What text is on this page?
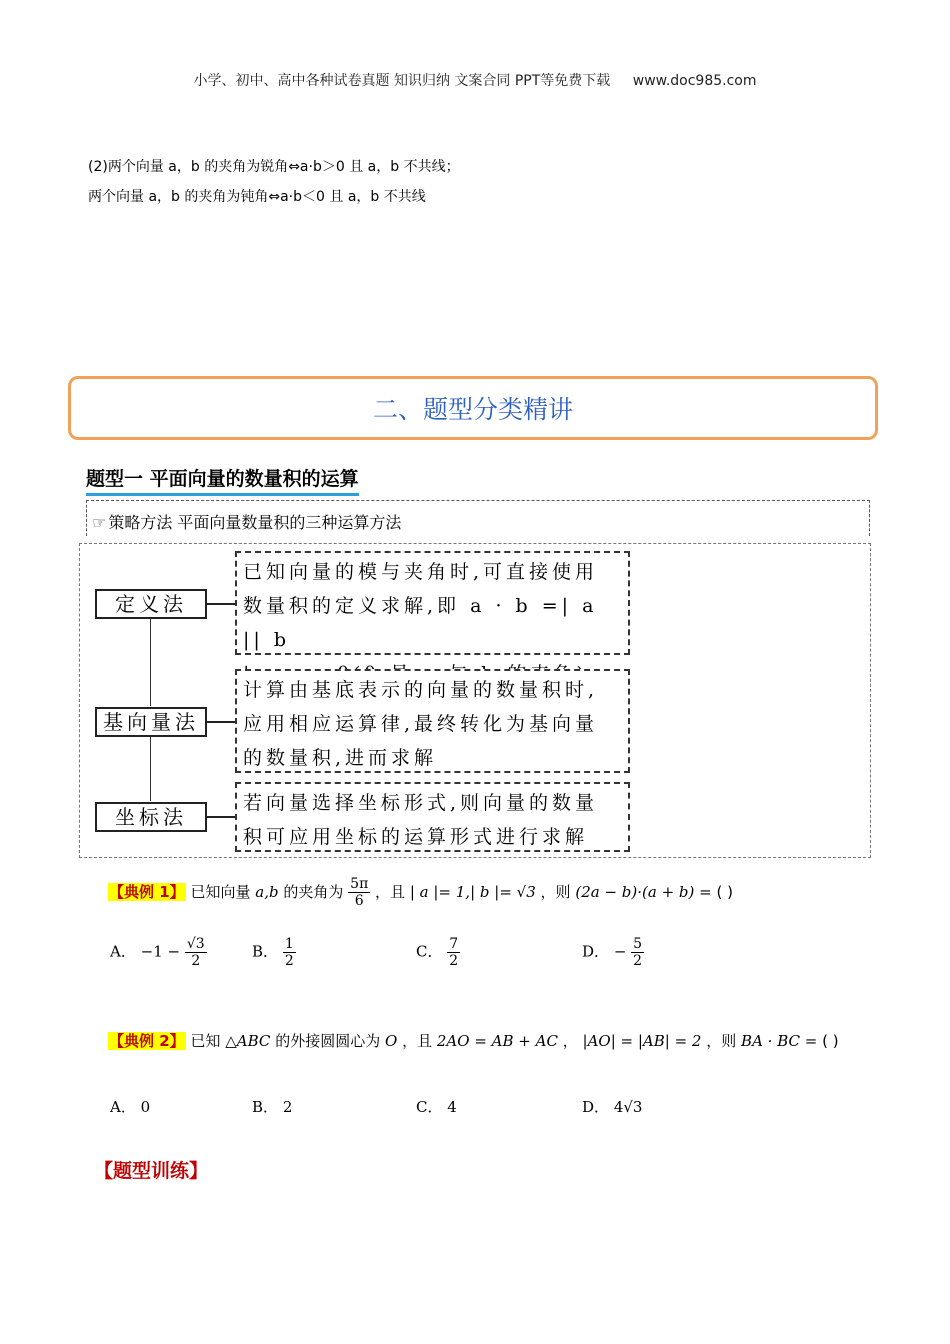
小学、初中、高中各种试卷真题 知识归纳 文案合同 PPT等免费下载 www.doc985.com
(2)两个向量 a，b 的夹角为锐角⇔a·b＞0 且 a，b 不共线；
两个向量 a，b 的夹角为钝角⇔a·b＜0 且 a，b 不共线
二、题型分类精讲
题型一 平面向量的数量积的运算
☞ 策略方法 平面向量数量积的三种运算方法
定义法
已知向量的模与夹角时,可直接使用
数量积的定义求解,即 a · b =| a || b
基向量法
计算由基底表示的向量的数量积时,
应用相应运算律,最终转化为基向量
的数量积,进而求解
坐标法
若向量选择坐标形式,则向量的数量
积可应用坐标的运算形式进行求解
【典例 1】 已知向量 a,b 的夹角为 $\frac{5\pi}{6}$ ，且 | a |= 1,| b |= √3 ，则 (2a − b)·(a + b) = ( )
A． $-1 - \frac{√3}{2}$	B． $\frac{1}{2}$	C． $\frac{7}{2}$	D． − $\frac{5}{2}$
【典例 2】 已知 △ABC 的外接圆圆心为 O ，且 2AO = AB + AC ， |AO| = |AB| = 2 ，则 BA · BC = ( )
A． 0	B． 2	C． 4	D． 4√3
【题型训练】
